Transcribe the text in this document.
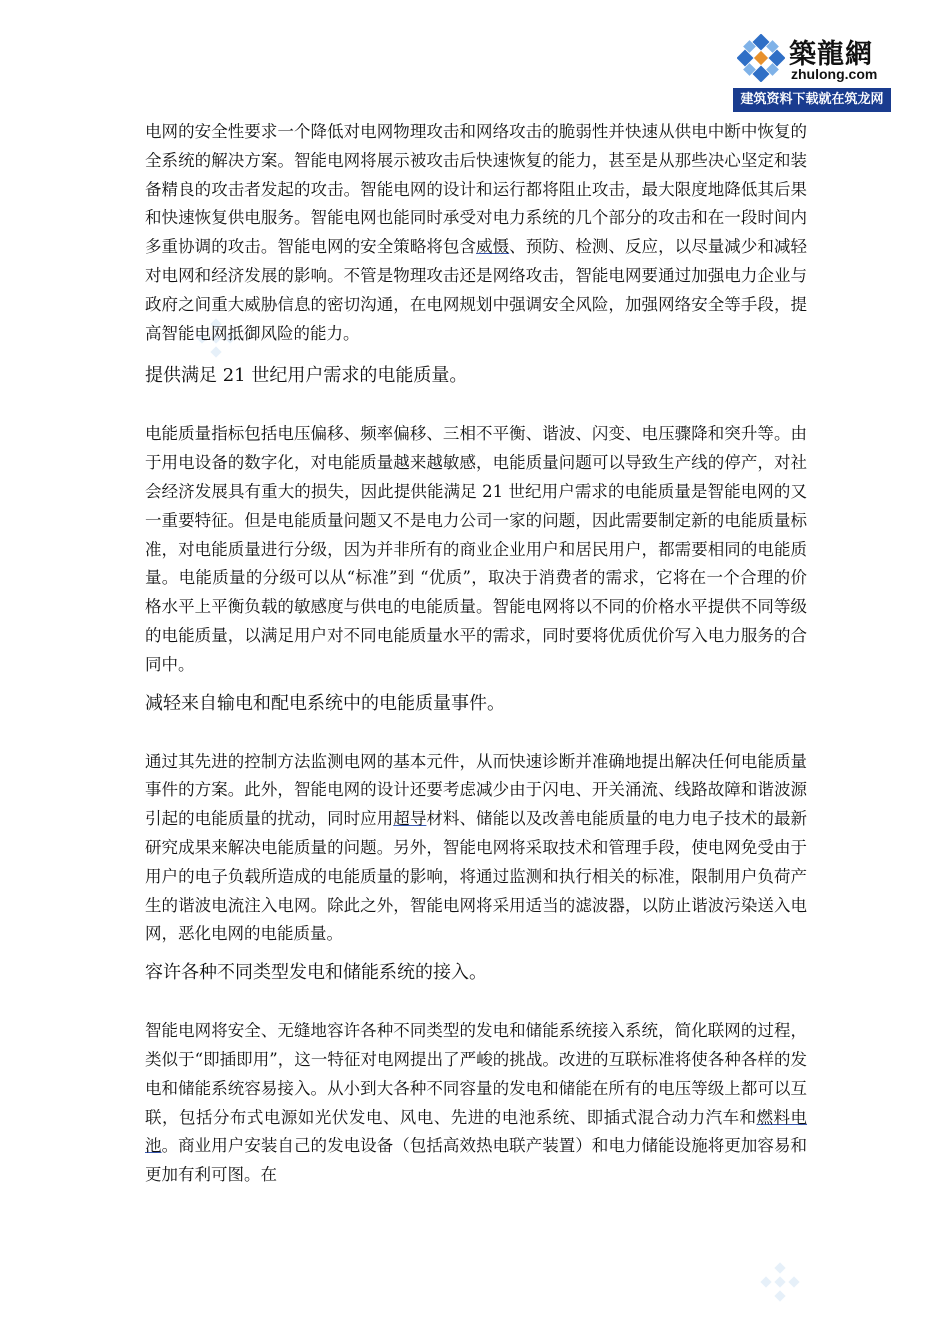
築龍網
zhulong.com
建筑资料下载就在筑龙网

电网的安全性要求一个降低对电网物理攻击和网络攻击的脆弱性并快速从供电中断中恢复的全系统的解决方案。智能电网将展示被攻击后快速恢复的能力，甚至是从那些决心坚定和装备精良的攻击者发起的攻击。智能电网的设计和运行都将阻止攻击，最大限度地降低其后果和快速恢复供电服务。智能电网也能同时承受对电力系统的几个部分的攻击和在一段时间内多重协调的攻击。智能电网的安全策略将包含威慑、预防、检测、反应，以尽量减少和减轻对电网和经济发展的影响。不管是物理攻击还是网络攻击，智能电网要通过加强电力企业与政府之间重大威胁信息的密切沟通，在电网规划中强调安全风险，加强网络安全等手段，提高智能电网抵御风险的能力。

提供满足 21 世纪用户需求的电能质量。

电能质量指标包括电压偏移、频率偏移、三相不平衡、谐波、闪变、电压骤降和突升等。由于用电设备的数字化，对电能质量越来越敏感，电能质量问题可以导致生产线的停产，对社会经济发展具有重大的损失，因此提供能满足 21 世纪用户需求的电能质量是智能电网的又一重要特征。但是电能质量问题又不是电力公司一家的问题，因此需要制定新的电能质量标准，对电能质量进行分级，因为并非所有的商业企业用户和居民用户，都需要相同的电能质量。电能质量的分级可以从“标准”到 “优质”，取决于消费者的需求，它将在一个合理的价格水平上平衡负载的敏感度与供电的电能质量。智能电网将以不同的价格水平提供不同等级的电能质量，以满足用户对不同电能质量水平的需求，同时要将优质优价写入电力服务的合同中。

减轻来自输电和配电系统中的电能质量事件。

通过其先进的控制方法监测电网的基本元件，从而快速诊断并准确地提出解决任何电能质量事件的方案。此外，智能电网的设计还要考虑减少由于闪电、开关涌流、线路故障和谐波源引起的电能质量的扰动，同时应用超导材料、储能以及改善电能质量的电力电子技术的最新研究成果来解决电能质量的问题。另外，智能电网将采取技术和管理手段，使电网免受由于用户的电子负载所造成的电能质量的影响，将通过监测和执行相关的标准，限制用户负荷产生的谐波电流注入电网。除此之外，智能电网将采用适当的滤波器，以防止谐波污染送入电网，恶化电网的电能质量。

容许各种不同类型发电和储能系统的接入。

智能电网将安全、无缝地容许各种不同类型的发电和储能系统接入系统，简化联网的过程，类似于“即插即用”，这一特征对电网提出了严峻的挑战。改进的互联标准将使各种各样的发电和储能系统容易接入。从小到大各种不同容量的发电和储能在所有的电压等级上都可以互联，包括分布式电源如光伏发电、风电、先进的电池系统、即插式混合动力汽车和燃料电池。商业用户安装自己的发电设备（包括高效热电联产装置）和电力储能设施将更加容易和更加有利可图。在
